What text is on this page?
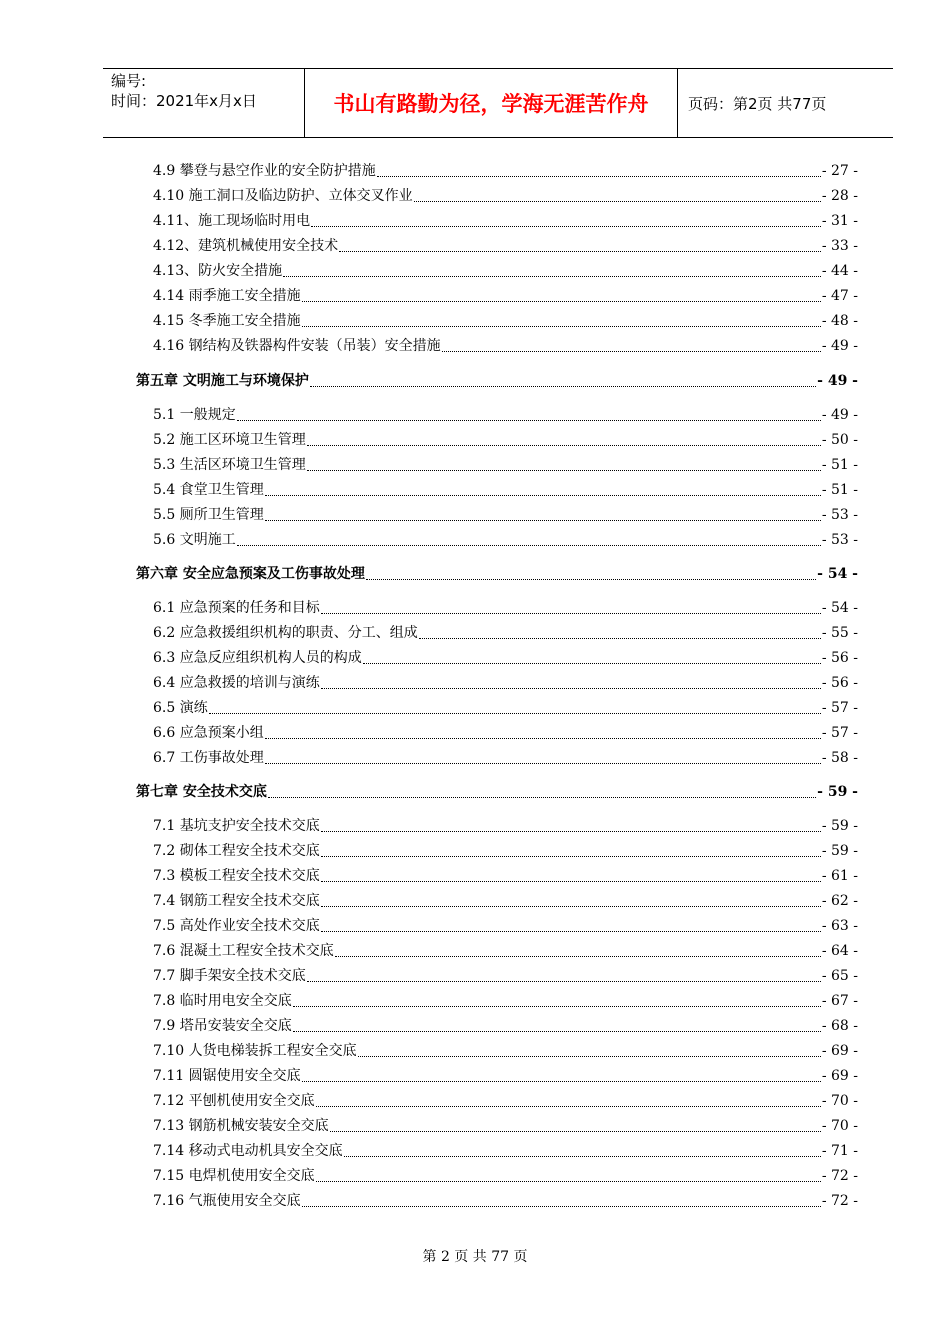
编号:
时间：2021年x月x日	书山有路勤为径，学海无涯苦作舟	页码：第2页 共77页
4.9 攀登与悬空作业的安全防护措施	- 27 -
4.10 施工洞口及临边防护、立体交叉作业	- 28 -
4.11、施工现场临时用电	- 31 -
4.12、建筑机械使用安全技术	- 33 -
4.13、防火安全措施	- 44 -
4.14 雨季施工安全措施	- 47 -
4.15 冬季施工安全措施	- 48 -
4.16 钢结构及铁器构件安装（吊装）安全措施	- 49 -
第五章 文明施工与环境保护	- 49 -
5.1 一般规定	- 49 -
5.2 施工区环境卫生管理	- 50 -
5.3 生活区环境卫生管理	- 51 -
5.4 食堂卫生管理	- 51 -
5.5 厕所卫生管理	- 53 -
5.6 文明施工	- 53 -
第六章 安全应急预案及工伤事故处理	- 54 -
6.1 应急预案的任务和目标	- 54 -
6.2 应急救援组织机构的职责、分工、组成	- 55 -
6.3 应急反应组织机构人员的构成	- 56 -
6.4 应急救援的培训与演练	- 56 -
6.5 演练	- 57 -
6.6 应急预案小组	- 57 -
6.7 工伤事故处理	- 58 -
第七章 安全技术交底	- 59 -
7.1 基坑支护安全技术交底	- 59 -
7.2 砌体工程安全技术交底	- 59 -
7.3 模板工程安全技术交底	- 61 -
7.4 钢筋工程安全技术交底	- 62 -
7.5 高处作业安全技术交底	- 63 -
7.6 混凝土工程安全技术交底	- 64 -
7.7 脚手架安全技术交底	- 65 -
7.8 临时用电安全交底	- 67 -
7.9 塔吊安装安全交底	- 68 -
7.10 人货电梯装拆工程安全交底	- 69 -
7.11 圆锯使用安全交底	- 69 -
7.12 平刨机使用安全交底	- 70 -
7.13 钢筋机械安装安全交底	- 70 -
7.14 移动式电动机具安全交底	- 71 -
7.15 电焊机使用安全交底	- 72 -
7.16 气瓶使用安全交底	- 72 -
第 2 页 共 77 页
